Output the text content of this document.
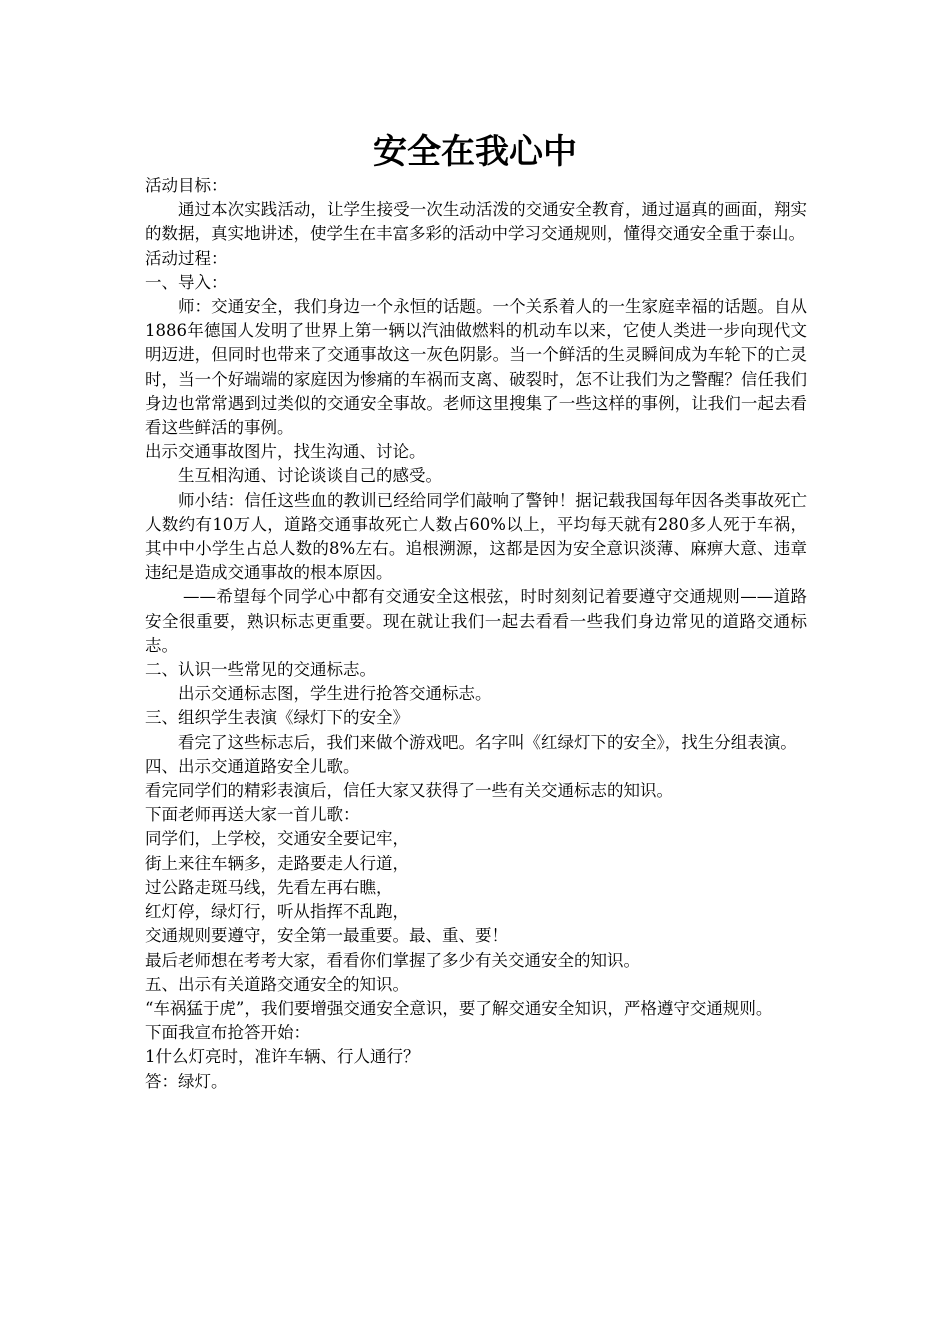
安全在我心中

活动目标：

通过本次实践活动，让学生接受一次生动活泼的交通安全教育，通过逼真的画面，翔实的数据，真实地讲述，使学生在丰富多彩的活动中学习交通规则，懂得交通安全重于泰山。

活动过程：

一、导入：

师：交通安全，我们身边一个永恒的话题。一个关系着人的一生家庭幸福的话题。自从1886年德国人发明了世界上第一辆以汽油做燃料的机动车以来，它使人类进一步向现代文明迈进，但同时也带来了交通事故这一灰色阴影。当一个鲜活的生灵瞬间成为车轮下的亡灵时，当一个好端端的家庭因为惨痛的车祸而支离、破裂时，怎不让我们为之警醒？信任我们身边也常常遇到过类似的交通安全事故。老师这里搜集了一些这样的事例，让我们一起去看看这些鲜活的事例。

出示交通事故图片，找生沟通、讨论。

生互相沟通、讨论谈谈自己的感受。

师小结：信任这些血的教训已经给同学们敲响了警钟！据记载我国每年因各类事故死亡人数约有10万人，道路交通事故死亡人数占60%以上，平均每天就有280多人死于车祸，其中中小学生占总人数的8%左右。追根溯源，这都是因为安全意识淡薄、麻痹大意、违章违纪是造成交通事故的根本原因。

——希望每个同学心中都有交通安全这根弦，时时刻刻记着要遵守交通规则——道路安全很重要，熟识标志更重要。现在就让我们一起去看看一些我们身边常见的道路交通标志。

二、认识一些常见的交通标志。

出示交通标志图，学生进行抢答交通标志。

三、组织学生表演《绿灯下的安全》

看完了这些标志后，我们来做个游戏吧。名字叫《红绿灯下的安全》，找生分组表演。

四、出示交通道路安全儿歌。

看完同学们的精彩表演后，信任大家又获得了一些有关交通标志的知识。

下面老师再送大家一首儿歌：

同学们，上学校，交通安全要记牢，

街上来往车辆多，走路要走人行道，

过公路走斑马线，先看左再右瞧，

红灯停，绿灯行，听从指挥不乱跑，

交通规则要遵守，安全第一最重要。最、重、要！

最后老师想在考考大家，看看你们掌握了多少有关交通安全的知识。

五、出示有关道路交通安全的知识。

“车祸猛于虎”，我们要增强交通安全意识，要了解交通安全知识，严格遵守交通规则。

下面我宣布抢答开始：

1什么灯亮时，准许车辆、行人通行？

答：绿灯。
